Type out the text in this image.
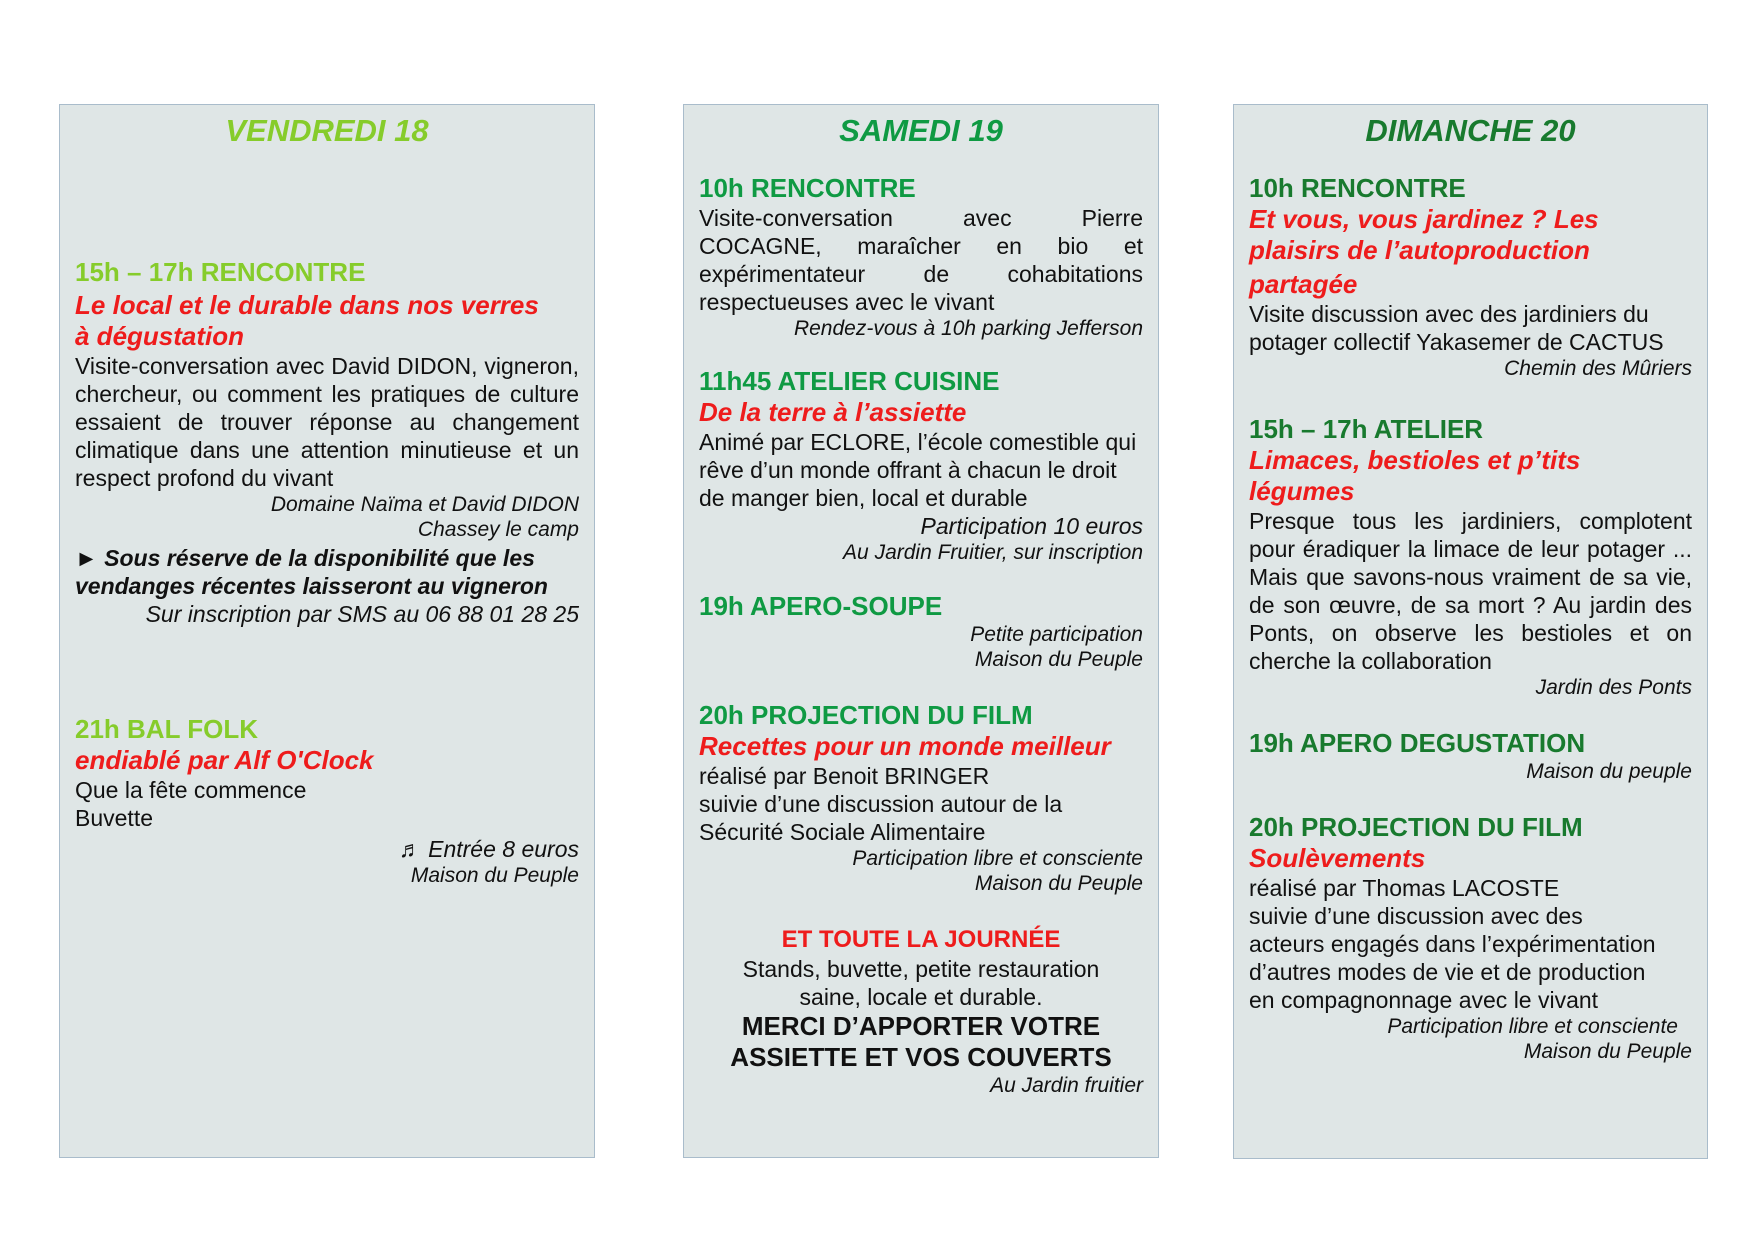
VENDREDI 18
15h – 17h RENCONTRE
Le local et le durable dans nos verres
à dégustation
Visite-conversation avec David DIDON, vigneron, chercheur, ou comment les pratiques de culture essaient de trouver réponse au changement climatique dans une attention minutieuse et un respect profond du vivant
Domaine Naïma et David DIDON
Chassey le camp
► Sous réserve de la disponibilité que les vendanges récentes laisseront au vigneron
Sur inscription par SMS au 06 88 01 28 25
21h BAL FOLK
endiablé par Alf O'Clock
Que la fête commence
Buvette
♬ Entrée 8 euros
Maison du Peuple
SAMEDI 19
10h RENCONTRE
Visite-conversation avec Pierre COCAGNE, maraîcher en bio et expérimentateur de cohabitations respectueuses avec le vivant
Rendez-vous à 10h parking Jefferson
11h45 ATELIER CUISINE
De la terre à l’assiette
Animé par ECLORE, l’école comestible qui rêve d’un monde offrant à chacun le droit de manger bien, local et durable
Participation 10 euros
Au Jardin Fruitier, sur inscription
19h APERO-SOUPE
Petite participation
Maison du Peuple
20h PROJECTION DU FILM
Recettes pour un monde meilleur
réalisé par Benoit BRINGER
suivie d’une discussion autour de la
Sécurité Sociale Alimentaire
Participation libre et consciente
Maison du Peuple
ET TOUTE LA JOURNÉE
Stands, buvette, petite restauration
saine, locale et durable.
MERCI D’APPORTER VOTRE
ASSIETTE ET VOS COUVERTS
Au Jardin fruitier
DIMANCHE 20
10h RENCONTRE
Et vous, vous jardinez ? Les
plaisirs de l’autoproduction
partagée
Visite discussion avec des jardiniers du potager collectif Yakasemer de CACTUS
Chemin des Mûriers
15h – 17h ATELIER
Limaces, bestioles et p’tits
légumes
Presque tous les jardiniers, complotent pour éradiquer la limace de leur potager ... Mais que savons-nous vraiment de sa vie, de son œuvre, de sa mort ? Au jardin des Ponts, on observe les bestioles et on cherche la collaboration
Jardin des Ponts
19h APERO DEGUSTATION
Maison du peuple
20h PROJECTION DU FILM
Soulèvements
réalisé par Thomas LACOSTE
suivie d’une discussion avec des
acteurs engagés dans l’expérimentation
d’autres modes de vie et de production
en compagnonnage avec le vivant
Participation libre et consciente
Maison du Peuple
